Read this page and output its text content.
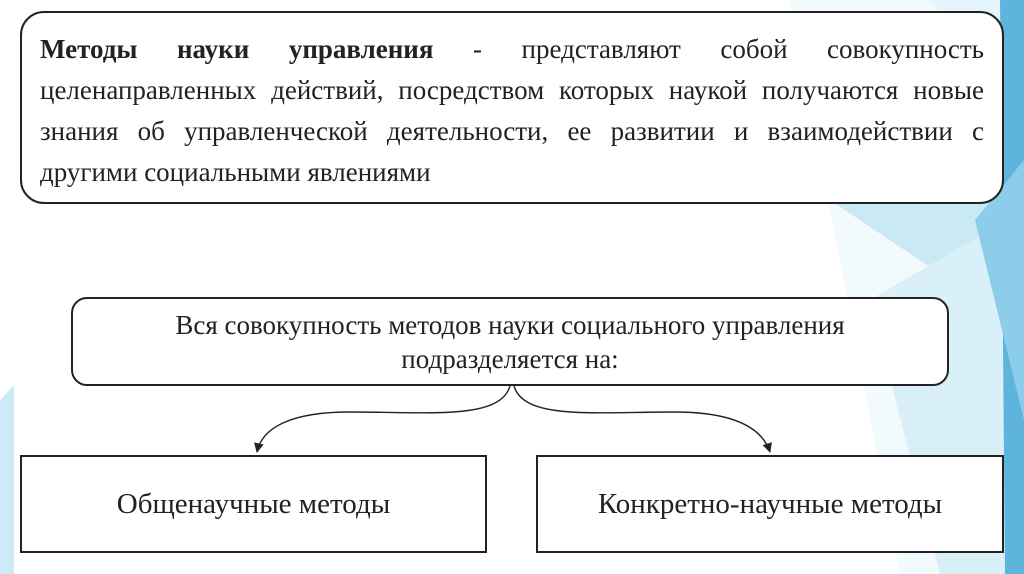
Методы науки управления - представляют собой совокупность целенаправленных действий, посредством которых наукой получаются новые знания об управленческой деятельности, ее развитии и взаимодействии с другими социальными явлениями
Вся совокупность методов науки социального управления
подразделяется на:
Общенаучные методы	Конкретно-научные методы
